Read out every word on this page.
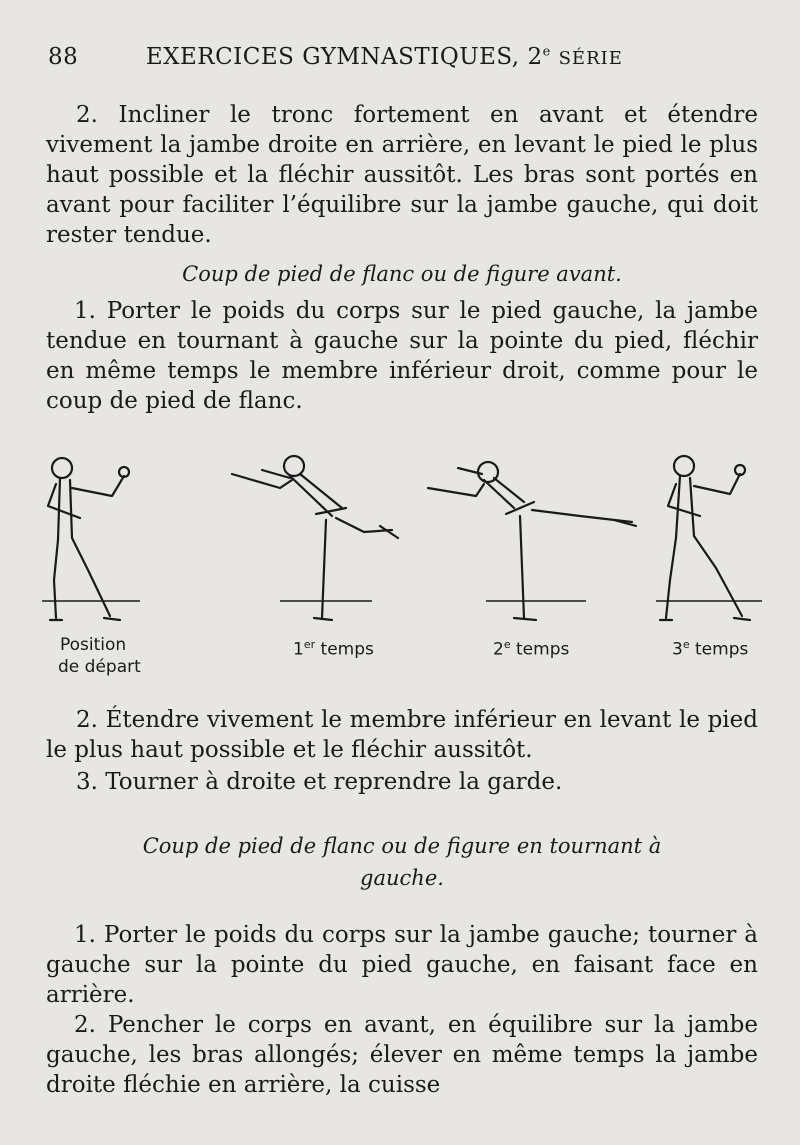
88	EXERCICES GYMNASTIQUES, 2e SÉRIE
2. Incliner le tronc fortement en avant et étendre vivement la jambe droite en arrière, en levant le pied le plus haut possible et la fléchir aussitôt. Les bras sont portés en avant pour faciliter l’équilibre sur la jambe gauche, qui doit rester tendue.
Coup de pied de flanc ou de figure avant.
1. Porter le poids du corps sur le pied gauche, la jambe tendue en tournant à gauche sur la pointe du pied, fléchir en même temps le membre inférieur droit, comme pour le coup de pied de flanc.
Position
de départ
1er temps	2e temps	3e temps
2. Étendre vivement le membre inférieur en levant le pied le plus haut possible et le fléchir aussitôt.
3. Tourner à droite et reprendre la garde.
Coup de pied de flanc ou de figure en tournant à gauche.
1. Porter le poids du corps sur la jambe gauche; tourner à gauche sur la pointe du pied gauche, en faisant face en arrière.
2. Pencher le corps en avant, en équilibre sur la jambe gauche, les bras allongés; élever en même temps la jambe droite fléchie en arrière, la cuisse
